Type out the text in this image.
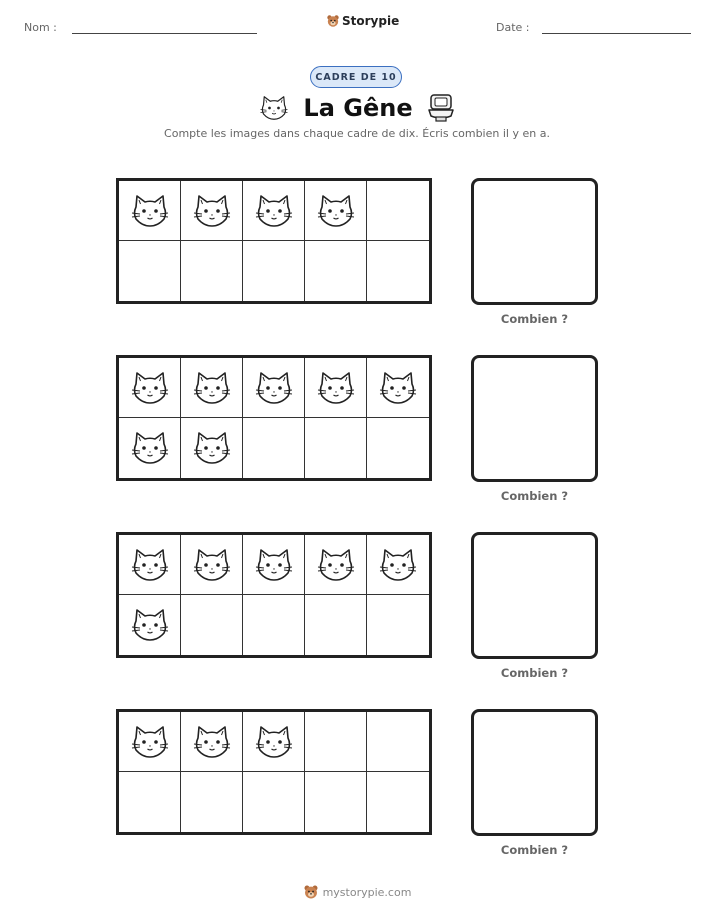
Nom :	Storypie	Date :
CADRE DE 10
La Gêne
Compte les images dans chaque cadre de dix. Écris combien il y en a.
Combien ?
Combien ?
Combien ?
Combien ?
mystorypie.com
